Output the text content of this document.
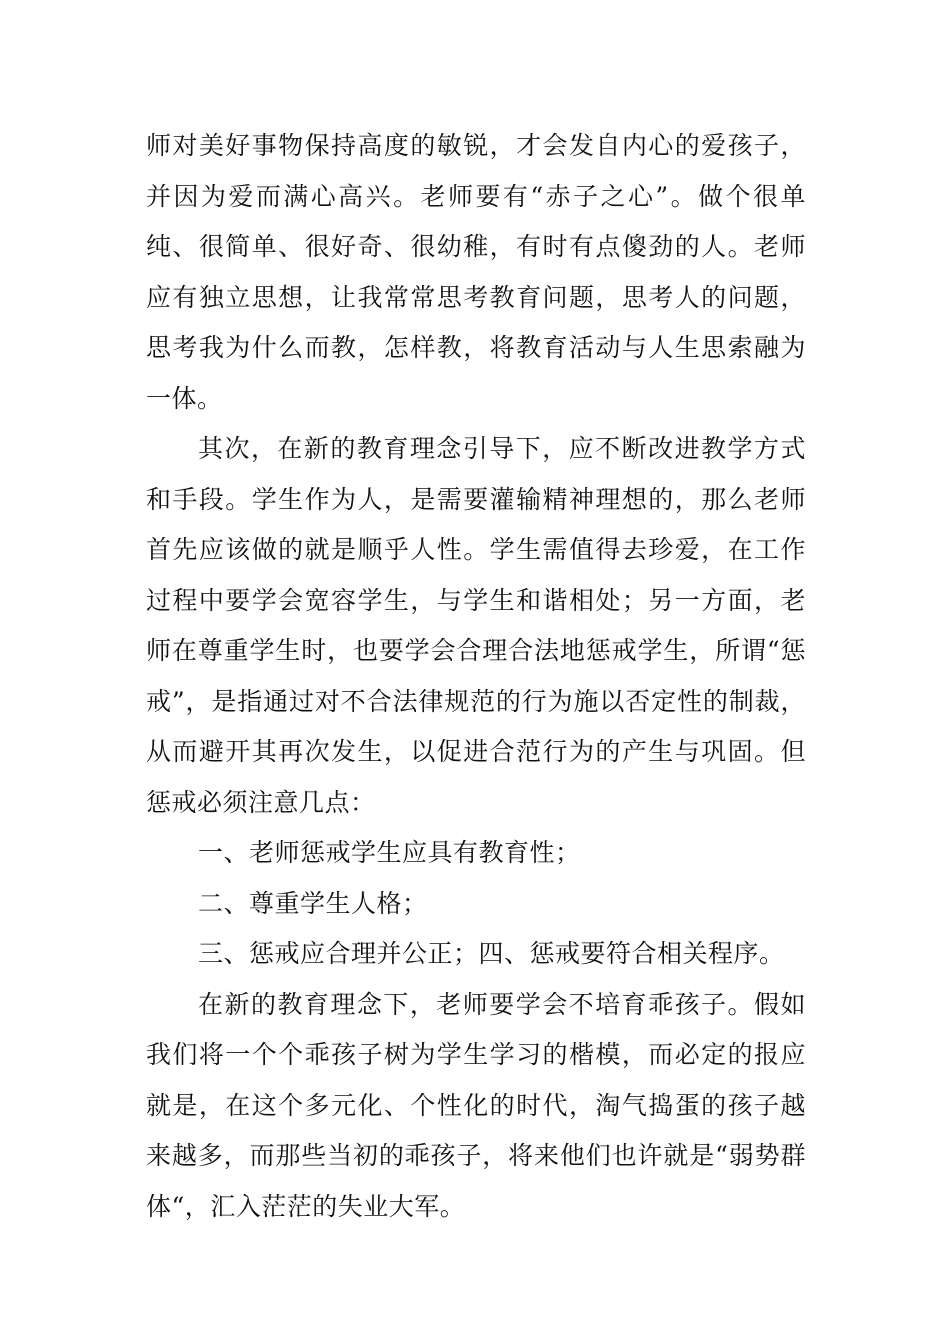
师对美好事物保持高度的敏锐，才会发自内心的爱孩子，并因为爱而满心高兴。老师要有“赤子之心”。做个很单纯、很简单、很好奇、很幼稚，有时有点傻劲的人。老师应有独立思想，让我常常思考教育问题，思考人的问题，思考我为什么而教，怎样教，将教育活动与人生思索融为一体。

其次，在新的教育理念引导下，应不断改进教学方式和手段。学生作为人，是需要灌输精神理想的，那么老师首先应该做的就是顺乎人性。学生需值得去珍爱，在工作过程中要学会宽容学生，与学生和谐相处；另一方面，老师在尊重学生时，也要学会合理合法地惩戒学生，所谓“惩戒”，是指通过对不合法律规范的行为施以否定性的制裁，从而避开其再次发生，以促进合范行为的产生与巩固。但惩戒必须注意几点：

一、老师惩戒学生应具有教育性；

二、尊重学生人格；

三、惩戒应合理并公正；四、惩戒要符合相关程序。

在新的教育理念下，老师要学会不培育乖孩子。假如我们将一个个乖孩子树为学生学习的楷模，而必定的报应就是，在这个多元化、个性化的时代，淘气捣蛋的孩子越来越多，而那些当初的乖孩子，将来他们也许就是“弱势群体“，汇入茫茫的失业大军。
